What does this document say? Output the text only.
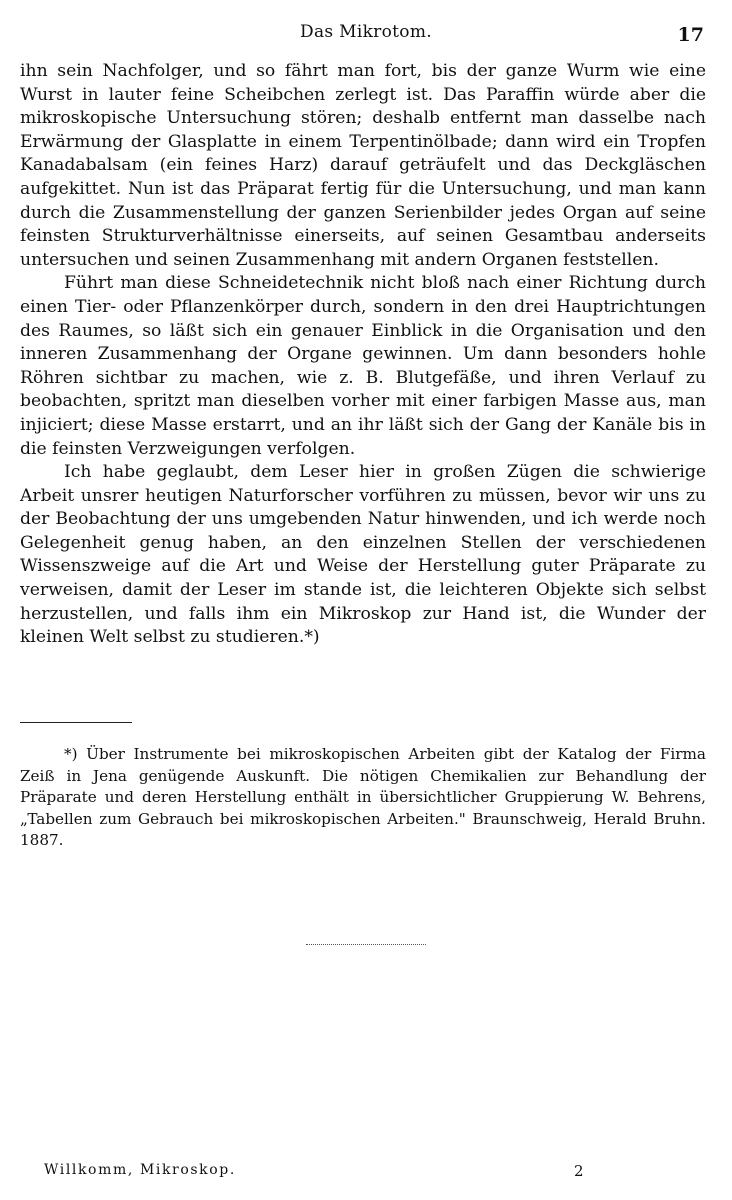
Das Mikrotom.	17

ihn sein Nachfolger, und so fährt man fort, bis der ganze Wurm wie eine Wurst in lauter feine Scheibchen zerlegt ist. Das Paraffin würde aber die mikroskopische Untersuchung stören; deshalb entfernt man dasselbe nach Erwärmung der Glasplatte in einem Terpentinölbade; dann wird ein Tropfen Kanadabalsam (ein feines Harz) darauf geträufelt und das Deckgläschen aufgekittet. Nun ist das Präparat fertig für die Untersuchung, und man kann durch die Zusammenstellung der ganzen Serienbilder jedes Organ auf seine feinsten Strukturverhältnisse einerseits, auf seinen Gesamtbau anderseits untersuchen und seinen Zusammenhang mit andern Organen feststellen.

Führt man diese Schneidetechnik nicht bloß nach einer Richtung durch einen Tier- oder Pflanzenkörper durch, sondern in den drei Hauptrichtungen des Raumes, so läßt sich ein genauer Einblick in die Organisation und den inneren Zusammenhang der Organe gewinnen. Um dann besonders hohle Röhren sichtbar zu machen, wie z. B. Blutgefäße, und ihren Verlauf zu beobachten, spritzt man dieselben vorher mit einer farbigen Masse aus, man injiciert; diese Masse erstarrt, und an ihr läßt sich der Gang der Kanäle bis in die feinsten Verzweigungen verfolgen.

Ich habe geglaubt, dem Leser hier in großen Zügen die schwierige Arbeit unsrer heutigen Naturforscher vorführen zu müssen, bevor wir uns zu der Beobachtung der uns umgebenden Natur hinwenden, und ich werde noch Gelegenheit genug haben, an den einzelnen Stellen der verschiedenen Wissenszweige auf die Art und Weise der Herstellung guter Präparate zu verweisen, damit der Leser im stande ist, die leichteren Objekte sich selbst herzustellen, und falls ihm ein Mikroskop zur Hand ist, die Wunder der kleinen Welt selbst zu studieren.*)

*) Über Instrumente bei mikroskopischen Arbeiten gibt der Katalog der Firma Zeiß in Jena genügende Auskunft. Die nötigen Chemikalien zur Behandlung der Präparate und deren Herstellung enthält in übersichtlicher Gruppierung W. Behrens, „Tabellen zum Gebrauch bei mikroskopischen Arbeiten." Braunschweig, Herald Bruhn. 1887.

Willkomm, Mikroskop.	2
